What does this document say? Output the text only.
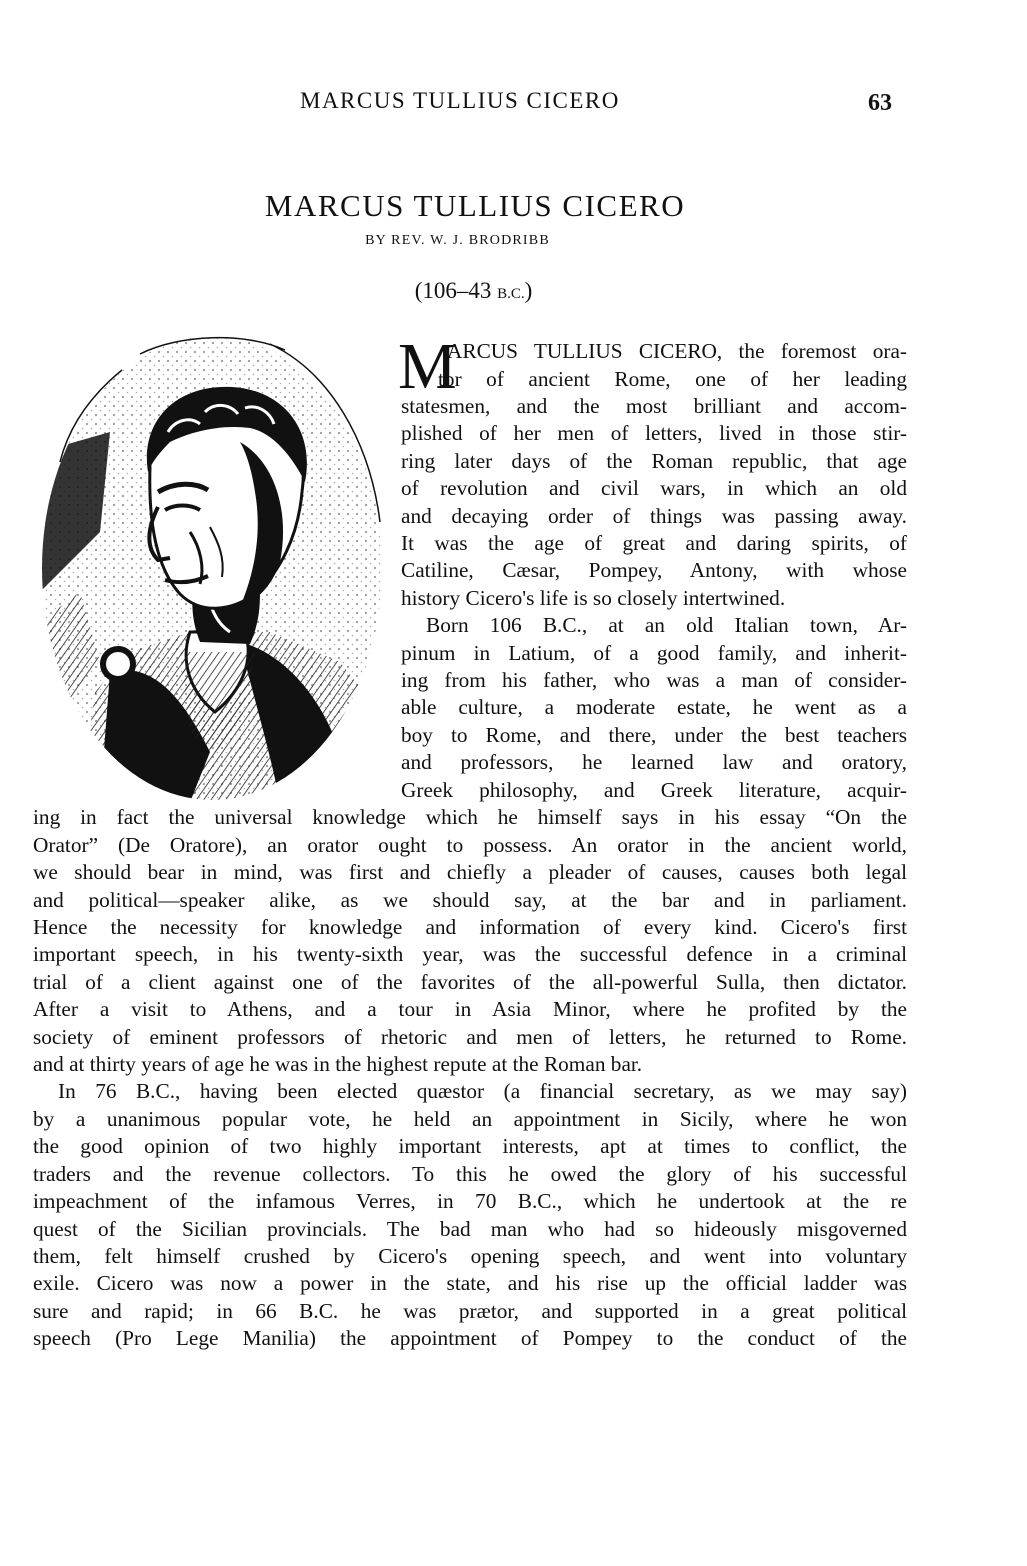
MARCUS TULLIUS CICERO	63
MARCUS TULLIUS CICERO
BY REV. W. J. BRODRIBB
(106–43 B.C.)
M
ARCUS TULLIUS CICERO, the foremost ora-
tor of ancient Rome, one of her leading
statesmen, and the most brilliant and accom-
plished of her men of letters, lived in those stir-
ring later days of the Roman republic, that age
of revolution and civil wars, in which an old
and decaying order of things was passing away.
It was the age of great and daring spirits, of
Catiline, Cæsar, Pompey, Antony, with whose
history Cicero's life is so closely intertwined.
Born 106 B.C., at an old Italian town, Ar-
pinum in Latium, of a good family, and inherit-
ing from his father, who was a man of consider-
able culture, a moderate estate, he went as a
boy to Rome, and there, under the best teachers
and professors, he learned law and oratory,
Greek philosophy, and Greek literature, acquir-
ing in fact the universal knowledge which he himself says in his essay “On the
Orator” (De Oratore), an orator ought to possess. An orator in the ancient world,
we should bear in mind, was first and chiefly a pleader of causes, causes both legal
and political—speaker alike, as we should say, at the bar and in parliament.
Hence the necessity for knowledge and information of every kind. Cicero's first
important speech, in his twenty-sixth year, was the successful defence in a criminal
trial of a client against one of the favorites of the all-powerful Sulla, then dictator.
After a visit to Athens, and a tour in Asia Minor, where he profited by the
society of eminent professors of rhetoric and men of letters, he returned to Rome.
and at thirty years of age he was in the highest repute at the Roman bar.
In 76 B.C., having been elected quæstor (a financial secretary, as we may say)
by a unanimous popular vote, he held an appointment in Sicily, where he won
the good opinion of two highly important interests, apt at times to conflict, the
traders and the revenue collectors. To this he owed the glory of his successful
impeachment of the infamous Verres, in 70 B.C., which he undertook at the re
quest of the Sicilian provincials. The bad man who had so hideously misgoverned
them, felt himself crushed by Cicero's opening speech, and went into voluntary
exile. Cicero was now a power in the state, and his rise up the official ladder was
sure and rapid; in 66 B.C. he was prætor, and supported in a great political
speech (Pro Lege Manilia) the appointment of Pompey to the conduct of the
